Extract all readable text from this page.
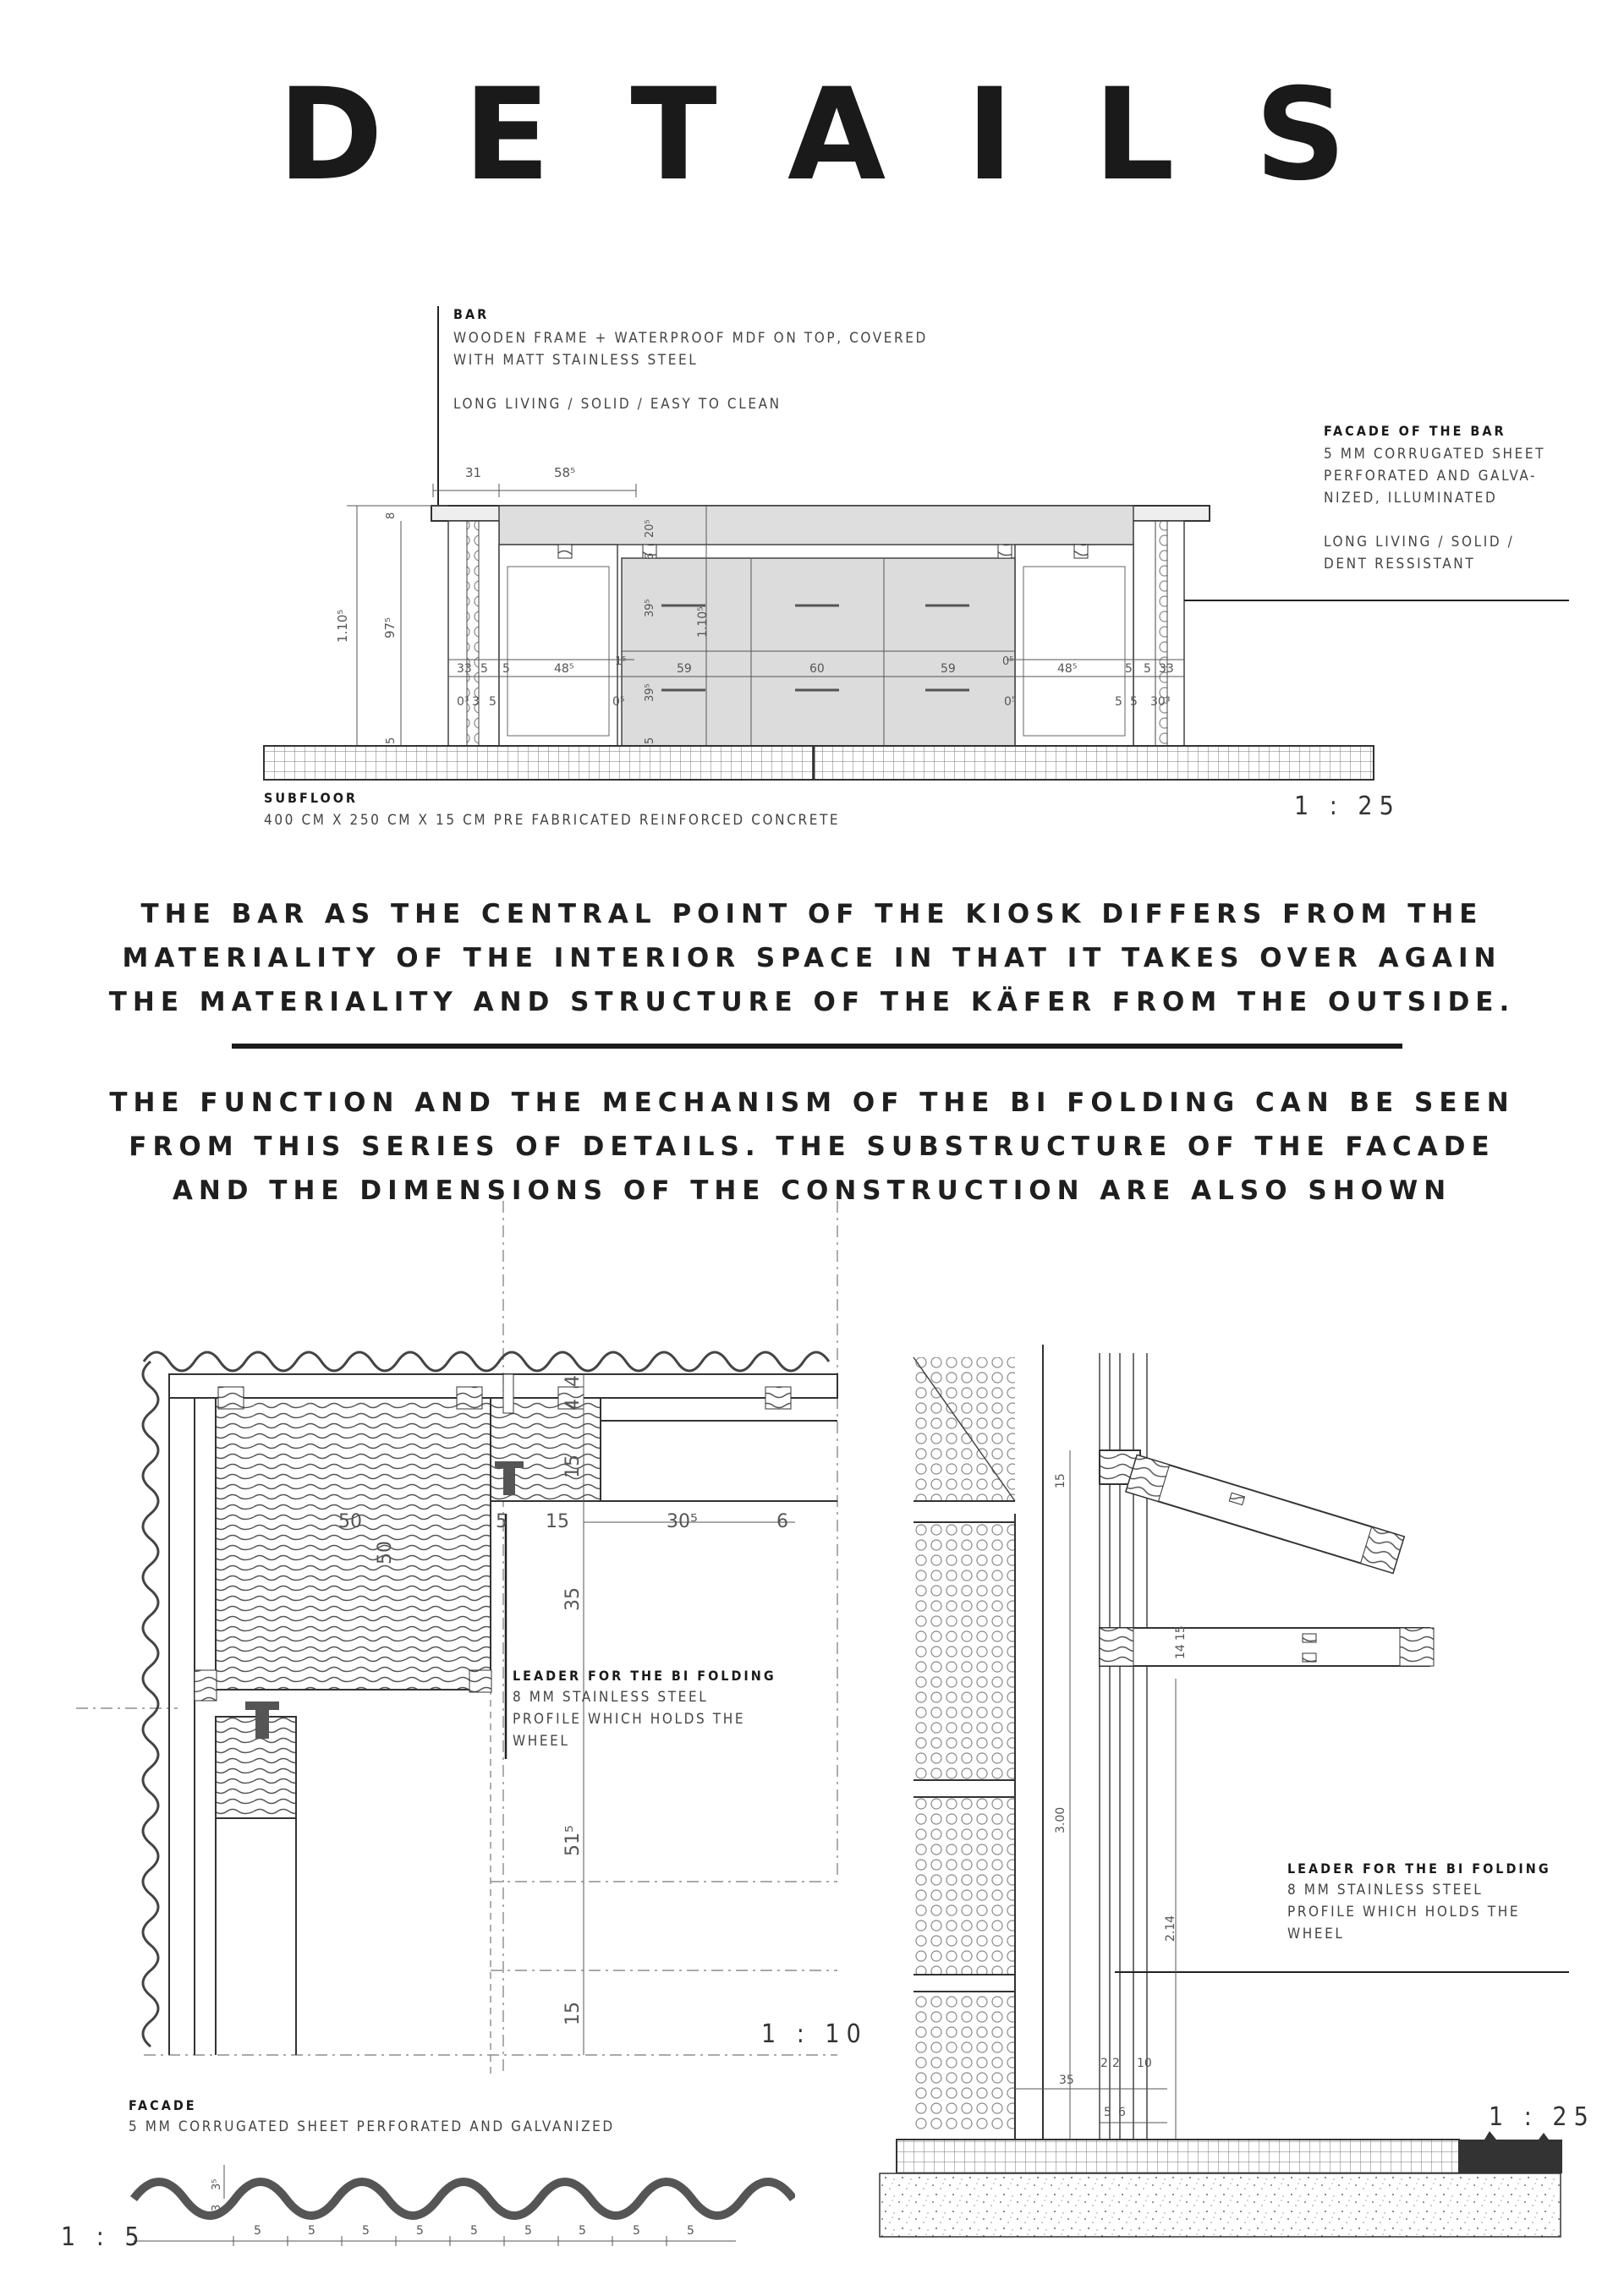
DETAILS
31	58⁵
1.10⁵	97⁵
8
5
20⁵
6
39⁵	1.10⁵
39⁵
5
33 5 5	48⁵
0³ 3 5	0⁵
1⁵
59	60	59
0⁵
48⁵	5 5 33
30³
5
0⁵	5
BAR
WOODEN FRAME + WATERPROOF MDF ON TOP, COVERED
WITH MATT STAINLESS STEEL

LONG LIVING / SOLID / EASY TO CLEAN
FACADE OF THE BAR
5 MM CORRUGATED SHEET
PERFORATED AND GALVA-
NIZED, ILLUMINATED

LONG LIVING / SOLID /
DENT RESSISTANT
SUBFLOOR
400 CM X 250 CM X 15 CM PRE FABRICATED REINFORCED CONCRETE	1 : 25
THE BAR AS THE CENTRAL POINT OF THE KIOSK DIFFERS FROM THE
MATERIALITY OF THE INTERIOR SPACE IN THAT IT TAKES OVER AGAIN
THE MATERIALITY AND STRUCTURE OF THE KÄFER FROM THE OUTSIDE.
THE FUNCTION AND THE MECHANISM OF THE BI FOLDING CAN BE SEEN
FROM THIS SERIES OF DETAILS. THE SUBSTRUCTURE OF THE FACADE
AND THE DIMENSIONS OF THE CONSTRUCTION ARE ALSO SHOWN
4
4
15
50
50
5 15	30⁵	6
35
51⁵
15
LEADER FOR THE BI FOLDING
8 MM STAINLESS STEEL
PROFILE WHICH HOLDS THE
WHEEL
1 : 10
15
14
15
3.00
2.14
35
2 2 10
5 6
LEADER FOR THE BI FOLDING
8 MM STAINLESS STEEL
PROFILE WHICH HOLDS THE
WHEEL
1 : 25
FACADE
5 MM CORRUGATED SHEET PERFORATED AND GALVANIZED
3⁵
3
5	5	5	5	5	5	5	5	5
1 : 5
